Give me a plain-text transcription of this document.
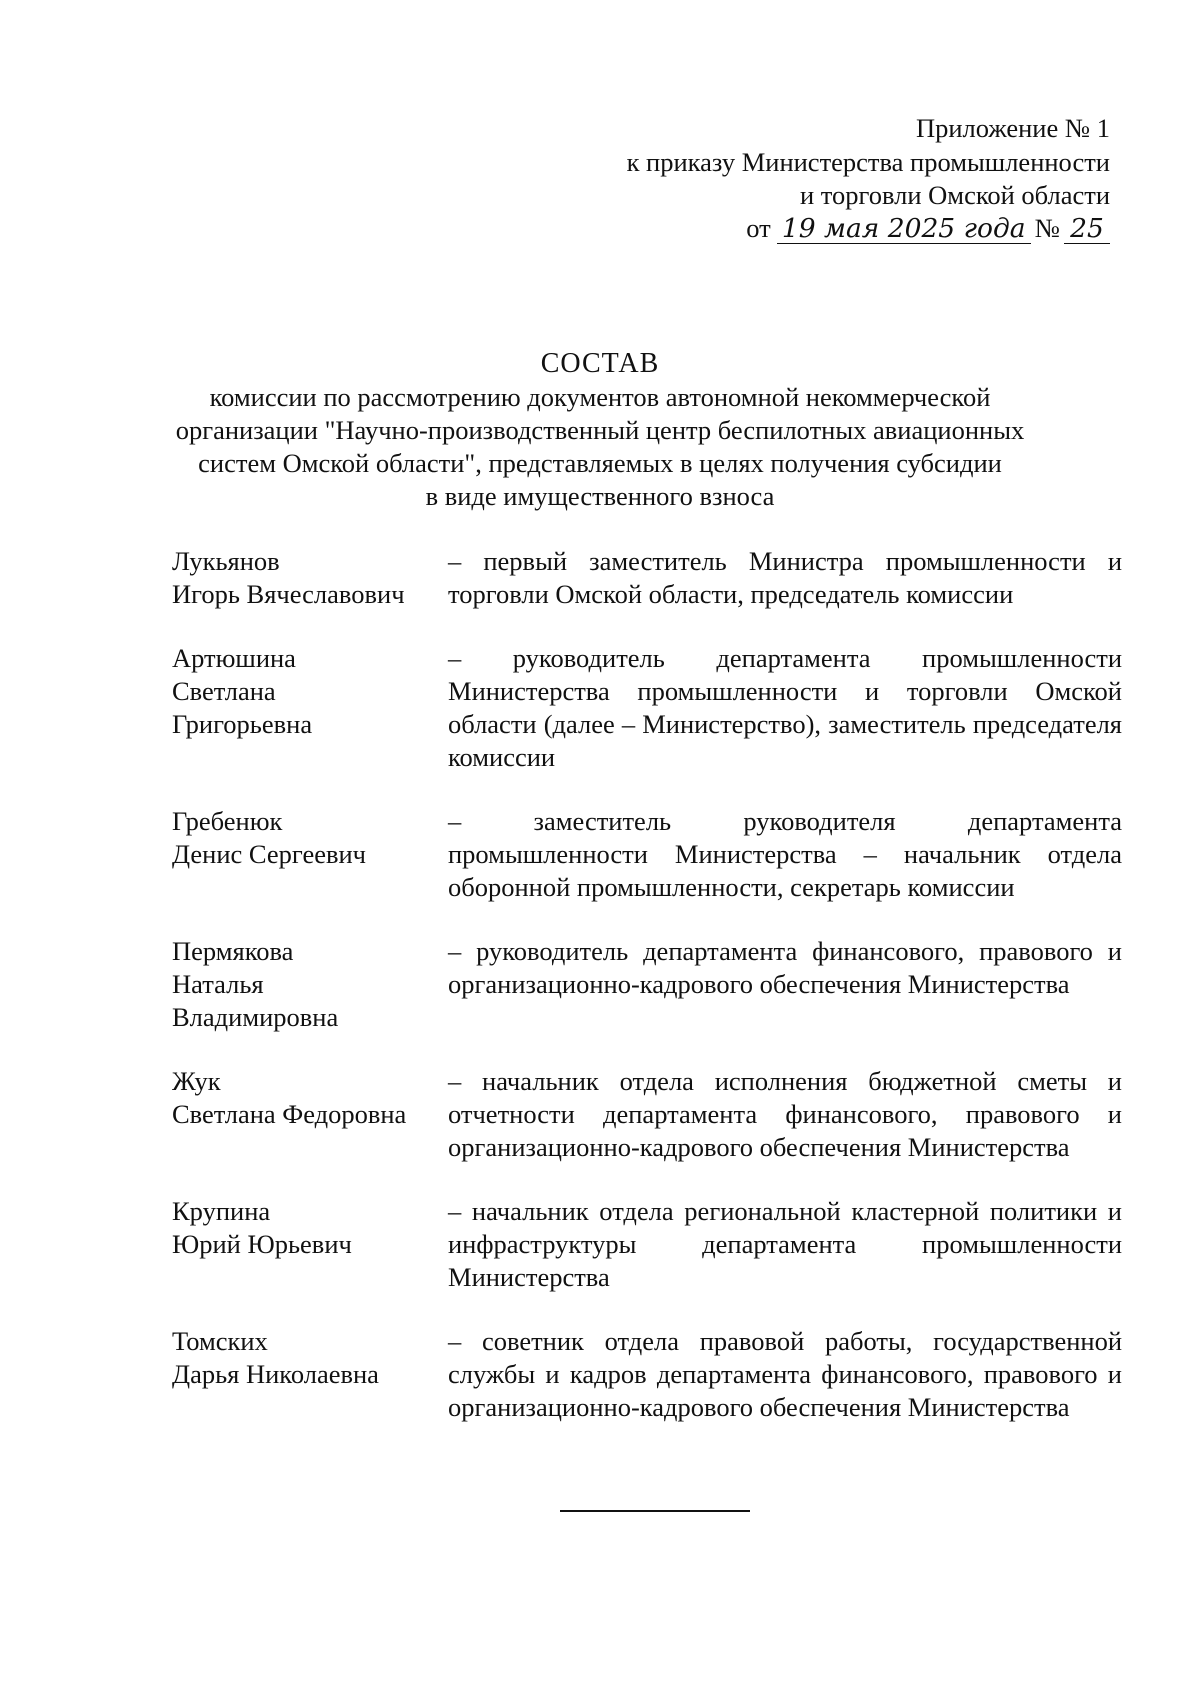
Приложение № 1
к приказу Министерства промышленности
и торговли Омской области
от 19 мая 2025 года № 25
СОСТАВ
комиссии по рассмотрению документов автономной некоммерческой
организации "Научно-производственный центр беспилотных авиационных
систем Омской области", представляемых в целях получения субсидии
в виде имущественного взноса
Лукьянов
Игорь Вячеславович
– первый заместитель Министра промышленности и торговли Омской области, председатель комиссии
Артюшина
Светлана
Григорьевна
– руководитель департамента промышленности Министерства промышленности и торговли Омской области (далее – Министерство), заместитель председателя комиссии
Гребенюк
Денис Сергеевич
– заместитель руководителя департамента промышленности Министерства – начальник отдела оборонной промышленности, секретарь комиссии
Пермякова
Наталья
Владимировна
– руководитель департамента финансового, правового и организационно-кадрового обеспечения Министерства
Жук
Светлана Федоровна
– начальник отдела исполнения бюджетной сметы и отчетности департамента финансового, правового и организационно-кадрового обеспечения Министерства
Крупина
Юрий Юрьевич
– начальник отдела региональной кластерной политики и инфраструктуры департамента промышленности Министерства
Томских
Дарья Николаевна
– советник отдела правовой работы, государственной службы и кадров департамента финансового, правового и организационно-кадрового обеспечения Министерства
